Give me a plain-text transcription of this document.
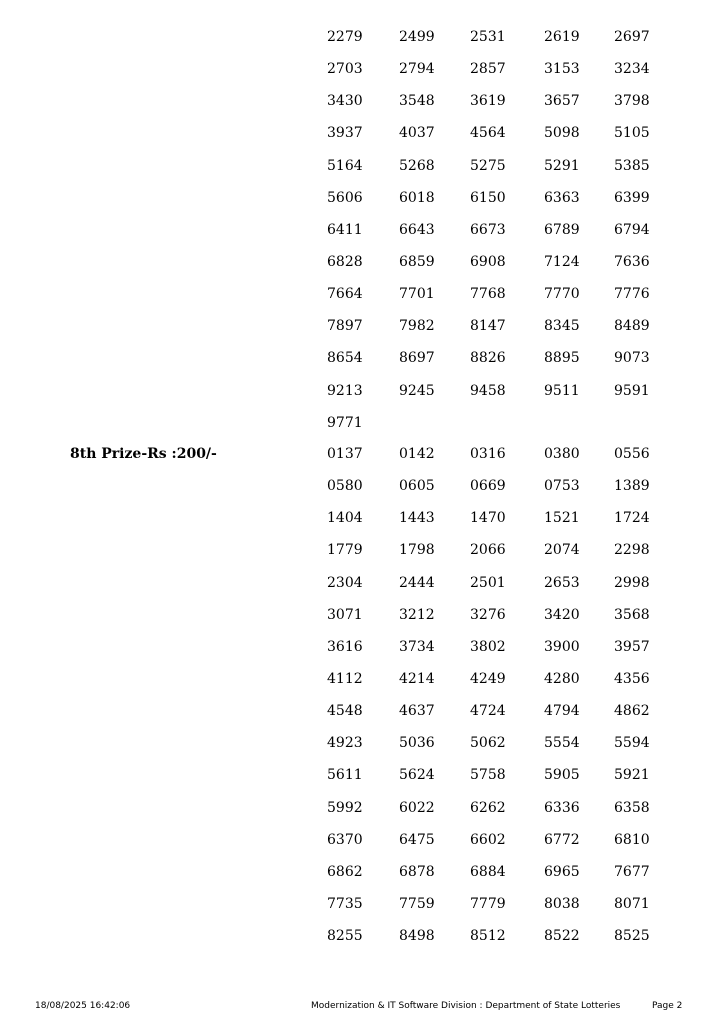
2279	2499	2531	2619 2697
2703	2794	2857	3153 3234
3430	3548	3619	3657 3798
3937	4037	4564	5098 5105
5164	5268	5275	5291 5385
5606	6018	6150	6363 6399
6411	6643	6673	6789 6794
6828	6859	6908	7124 7636
7664	7701	7768	7770 7776
7897	7982	8147	8345 8489
8654	8697	8826	8895 9073
9213	9245	9458	9511 9591
9771
8th Prize-Rs :200/-	0137	0142	0316	0380 0556
0580	0605	0669	0753 1389
1404	1443	1470	1521 1724
1779	1798	2066	2074 2298
2304	2444	2501	2653 2998
3071	3212	3276	3420 3568
3616	3734	3802	3900 3957
4112	4214	4249	4280 4356
4548	4637	4724	4794 4862
4923	5036	5062	5554 5594
5611	5624	5758	5905 5921
5992	6022	6262	6336 6358
6370	6475	6602	6772 6810
6862	6878	6884	6965 7677
7735	7759	7779	8038 8071
8255	8498	8512	8522 8525
18/08/2025 16:42:06	Modernization & IT Software Division : Department of State Lotteries	Page 2
